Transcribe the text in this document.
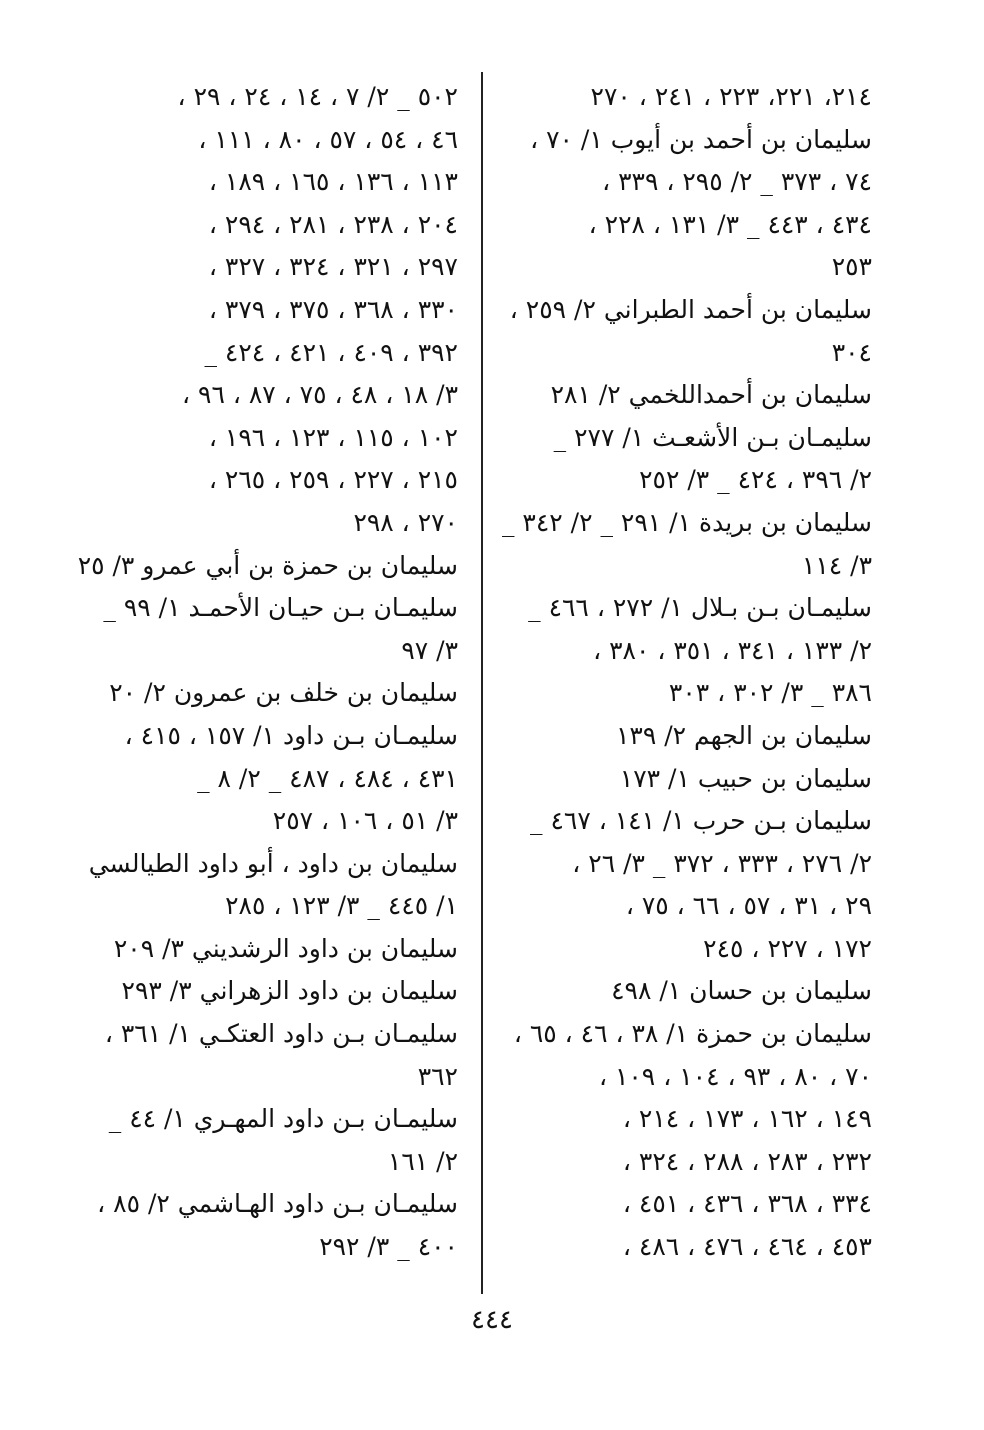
٢١٤، ٢٢١، ٢٢٣ ، ٢٤١ ، ٢٧٠
سليمان بن أحمد بن أيوب ١/ ٧٠ ،
٧٤ ، ٣٧٣ _ ٢/ ٢٩٥ ، ٣٣٩ ،
٤٣٤ ، ٤٤٣ _ ٣/ ١٣١ ، ٢٢٨ ،
٢٥٣
سليمان بن أحمد الطبراني ٢/ ٢٥٩ ،
٣٠٤
سليمان بن أحمداللخمي ٢/ ٢٨١
سليمـان بـن الأشعـث ١/ ٢٧٧ _
٢/ ٣٩٦ ، ٤٢٤ _ ٣/ ٢٥٢
سليمان بن بريدة ١/ ٢٩١ _ ٢/ ٣٤٢ _
٣/ ١١٤
سليمـان بـن بـلال ١/ ٢٧٢ ، ٤٦٦ _
٢/ ١٣٣ ، ٣٤١ ، ٣٥١ ، ٣٨٠ ،
٣٨٦ _ ٣/ ٣٠٢ ، ٣٠٣
سليمان بن الجهم ٢/ ١٣٩
سليمان بن حبيب ١/ ١٧٣
سليمان بـن حرب ١/ ١٤١ ، ٤٦٧ _
٢/ ٢٧٦ ، ٣٣٣ ، ٣٧٢ _ ٣/ ٢٦ ،
٢٩ ، ٣١ ، ٥٧ ، ٦٦ ، ٧٥ ،
١٧٢ ، ٢٢٧ ، ٢٤٥
سليمان بن حسان ١/ ٤٩٨
سليمان بن حمزة ١/ ٣٨ ، ٤٦ ، ٦٥ ،
٧٠ ، ٨٠ ، ٩٣ ، ١٠٤ ، ١٠٩ ،
١٤٩ ، ١٦٢ ، ١٧٣ ، ٢١٤ ،
٢٣٢ ، ٢٨٣ ، ٢٨٨ ، ٣٢٤ ،
٣٣٤ ، ٣٦٨ ، ٤٣٦ ، ٤٥١ ،
٤٥٣ ، ٤٦٤ ، ٤٧٦ ، ٤٨٦ ،
٥٠٢ _ ٢/ ٧ ، ١٤ ، ٢٤ ، ٢٩ ،
٤٦ ، ٥٤ ، ٥٧ ، ٨٠ ، ١١١ ،
١١٣ ، ١٣٦ ، ١٦٥ ، ١٨٩ ،
٢٠٤ ، ٢٣٨ ، ٢٨١ ، ٢٩٤ ،
٢٩٧ ، ٣٢١ ، ٣٢٤ ، ٣٢٧ ،
٣٣٠ ، ٣٦٨ ، ٣٧٥ ، ٣٧٩ ،
٣٩٢ ، ٤٠٩ ، ٤٢١ ، ٤٢٤ _
٣/ ١٨ ، ٤٨ ، ٧٥ ، ٨٧ ، ٩٦ ،
١٠٢ ، ١١٥ ، ١٢٣ ، ١٩٦ ،
٢١٥ ، ٢٢٧ ، ٢٥٩ ، ٢٦٥ ،
٢٧٠ ، ٢٩٨
سليمان بن حمزة بن أبي عمرو ٣/ ٢٥
سليمـان بـن حيـان الأحمـد ١/ ٩٩ _
٣/ ٩٧
سليمان بن خلف بن عمرون ٢/ ٢٠
سليمـان بـن داود ١/ ١٥٧ ، ٤١٥ ،
٤٣١ ، ٤٨٤ ، ٤٨٧ _ ٢/ ٨ _
٣/ ٥١ ، ١٠٦ ، ٢٥٧
سليمان بن داود ، أبو داود الطيالسي
١/ ٤٤٥ _ ٣/ ١٢٣ ، ٢٨٥
سليمان بن داود الرشديني ٣/ ٢٠٩
سليمان بن داود الزهراني ٣/ ٢٩٣
سليمـان بـن داود العتكـي ١/ ٣٦١ ،
٣٦٢
سليمـان بـن داود المهـري ١/ ٤٤ _
٢/ ١٦١
سليمـان بـن داود الهـاشمي ٢/ ٨٥ ،
٤٠٠ _ ٣/ ٢٩٢
٤٤٤
